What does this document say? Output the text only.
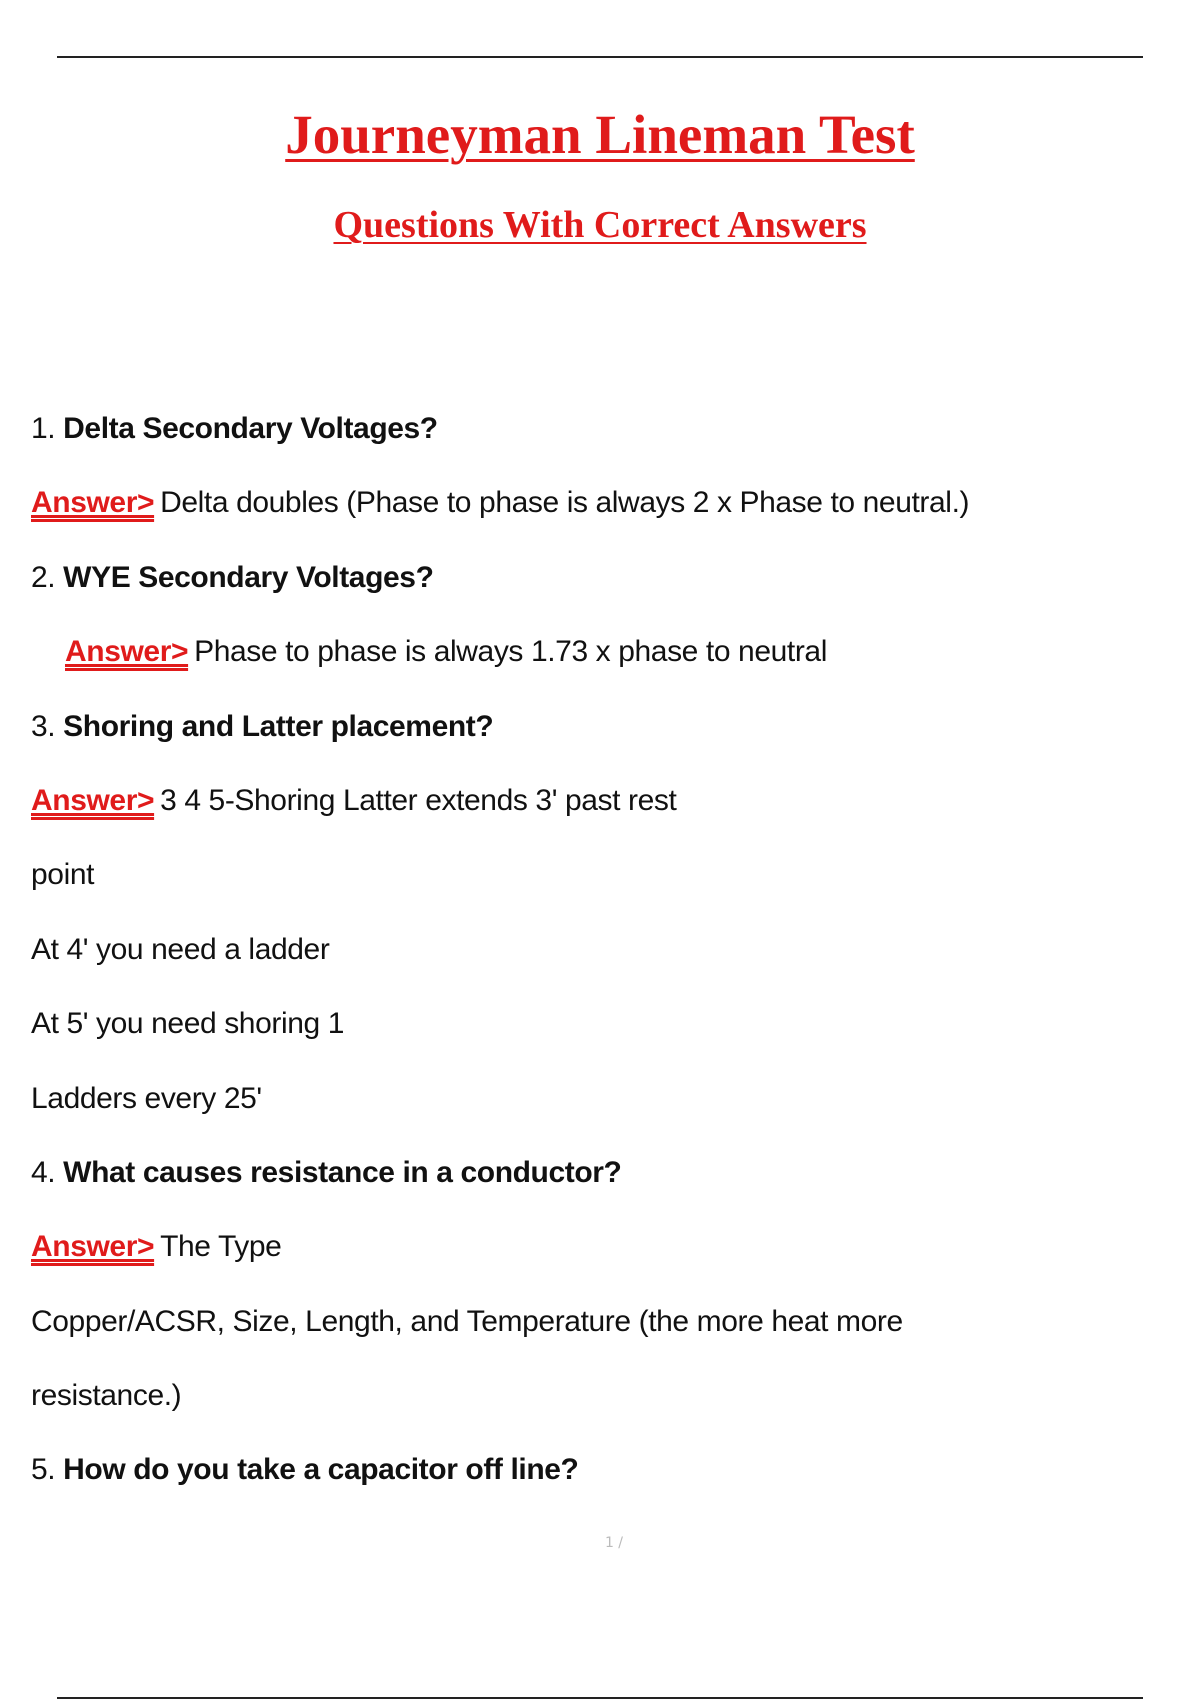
Journeyman Lineman Test
Questions With Correct Answers
1. Delta Secondary Voltages?
Answer> Delta doubles (Phase to phase is always 2 x Phase to neutral.)
2. WYE Secondary Voltages?
Answer> Phase to phase is always 1.73 x phase to neutral
3. Shoring and Latter placement?
Answer> 3 4 5-Shoring Latter extends 3' past rest
point
At 4' you need a ladder
At 5' you need shoring 1
Ladders every 25'
4. What causes resistance in a conductor?
Answer> The Type
Copper/ACSR, Size, Length, and Temperature (the more heat more
resistance.)
5. How do you take a capacitor off line?
1 /
